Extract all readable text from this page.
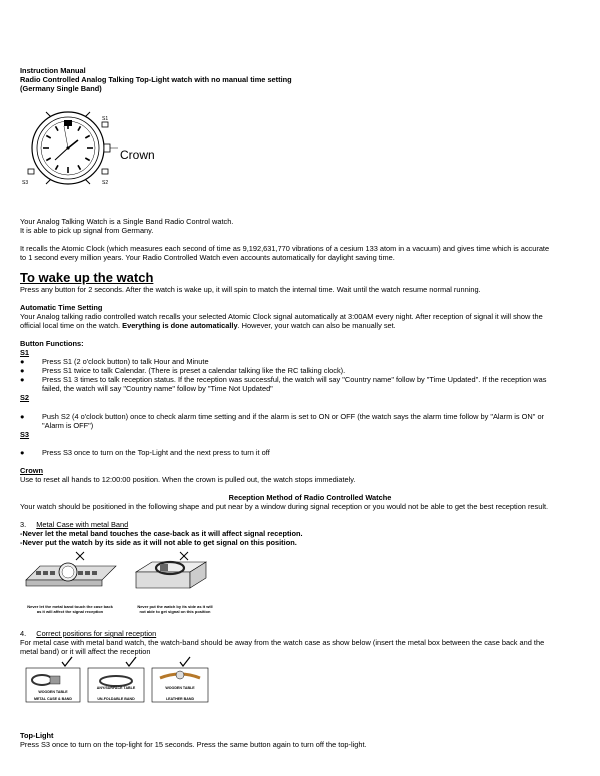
Instruction Manual
Radio Controlled Analog Talking Top-Light watch with no manual time setting
(Germany Single Band)
S1
S2
S3
Crown
Your Analog Talking Watch is a Single Band Radio Control watch.
It is able to pick up signal from Germany.
It recalls the Atomic Clock (which measures each second of time as 9,192,631,770 vibrations of a cesium 133 atom in a vacuum) and gives time which is accurate
to 1 second every million years. Your Radio Controlled Watch even accounts automatically for daylight saving time.
To wake up the watch
Press any button for 2 seconds. After the watch is wake up, it will spin to match the internal time. Wait until the watch resume normal running.
Automatic Time Setting
Your Analog talking radio controlled watch recalls your selected Atomic Clock signal automatically at 3:00AM every night. After reception of signal it will show the
official local time on the watch. Everything is done automatically. However, your watch can also be manually set.
Button Functions:
S1
● Press S1 (2 o'clock button) to talk Hour and Minute
● Press S1 twice to talk Calendar. (There is preset a calendar talking like the RC talking clock).
● Press S1 3 times to talk reception status. If the reception was successful, the watch will say "Country name" follow by "Time Updated". If the reception was
failed, the watch will say "Country name" follow by "Time Not Updated"
S2
● Push S2 (4 o'clock button) once to check alarm time setting and if the alarm is set to ON or OFF (the watch says the alarm time follow by "Alarm is ON" or
"Alarm is OFF")
S3
● Press S3 once to turn on the Top-Light and the next press to turn it off
Crown
Use to reset all hands to 12:00:00 position. When the crown is pulled out, the watch stops immediately.
Reception Method of Radio Controlled Watche
Your watch should be positioned in the following shape and put near by a window during signal reception or you would not be able to get the best reception result.
3. Metal Case with metal Band
-Never let the metal band touches the case-back as it will affect signal reception.
-Never put the watch by its side as it will not able to get signal on this position.
Never let the metal band touch the case back
as it will affect the signal reception
Never put the watch by its side as it will
not able to get signal on this position
4. Correct positions for signal reception
For metal case with metal band watch, the watch-band should be away from the watch case as show below (insert the metal box between the case back and the
metal band) or it will affect the reception
WOODEN TABLE
METAL CASE & BAND
ANY/SURFACE TABLE
UN-FOLDABLE BAND
WOODEN TABLE
LEATHER BAND
Top-Light
Press S3 once to turn on the top-light for 15 seconds. Press the same button again to turn off the top-light.
